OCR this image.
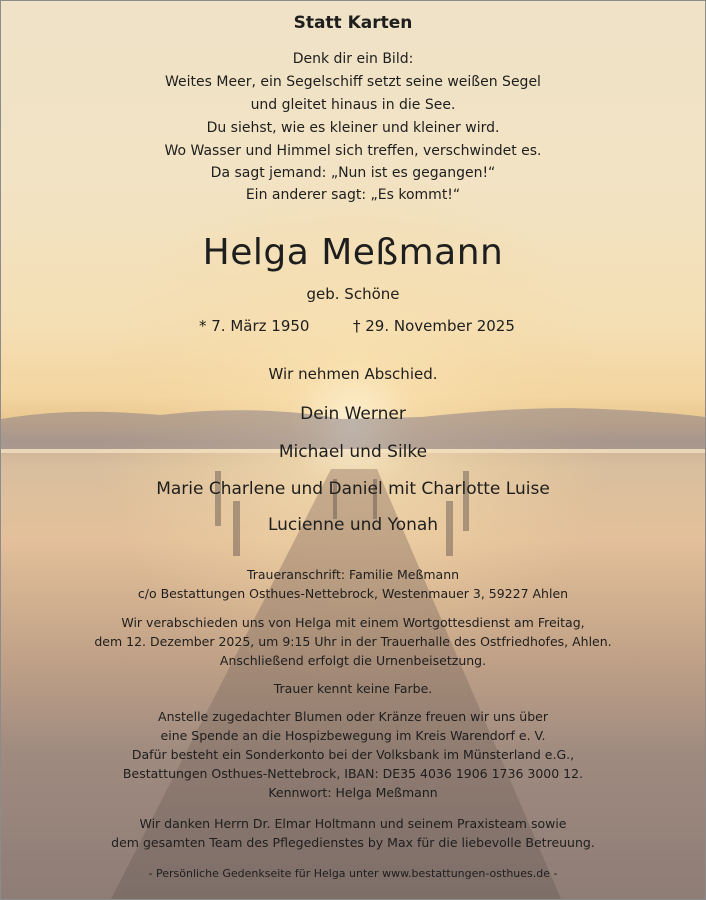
Statt Karten
Denk dir ein Bild:
Weites Meer, ein Segelschiff setzt seine weißen Segel
und gleitet hinaus in die See.
Du siehst, wie es kleiner und kleiner wird.
Wo Wasser und Himmel sich treffen, verschwindet es.
Da sagt jemand: „Nun ist es gegangen!“
Ein anderer sagt: „Es kommt!“
Helga Meßmann
geb. Schöne
* 7. März 1950	† 29. November 2025
Wir nehmen Abschied.
Dein Werner
Michael und Silke
Marie Charlene und Daniel mit Charlotte Luise
Lucienne und Yonah
Traueranschrift: Familie Meßmann
c/o Bestattungen Osthues-Nettebrock, Westenmauer 3, 59227 Ahlen
Wir verabschieden uns von Helga mit einem Wortgottesdienst am Freitag,
dem 12. Dezember 2025, um 9:15 Uhr in der Trauerhalle des Ostfriedhofes, Ahlen.
Anschließend erfolgt die Urnenbeisetzung.
Trauer kennt keine Farbe.
Anstelle zugedachter Blumen oder Kränze freuen wir uns über
eine Spende an die Hospizbewegung im Kreis Warendorf e. V.
Dafür besteht ein Sonderkonto bei der Volksbank im Münsterland e.G.,
Bestattungen Osthues-Nettebrock, IBAN: DE35 4036 1906 1736 3000 12.
Kennwort: Helga Meßmann
Wir danken Herrn Dr. Elmar Holtmann und seinem Praxisteam sowie
dem gesamten Team des Pflegedienstes by Max für die liebevolle Betreuung.
- Persönliche Gedenkseite für Helga unter www.bestattungen-osthues.de -
